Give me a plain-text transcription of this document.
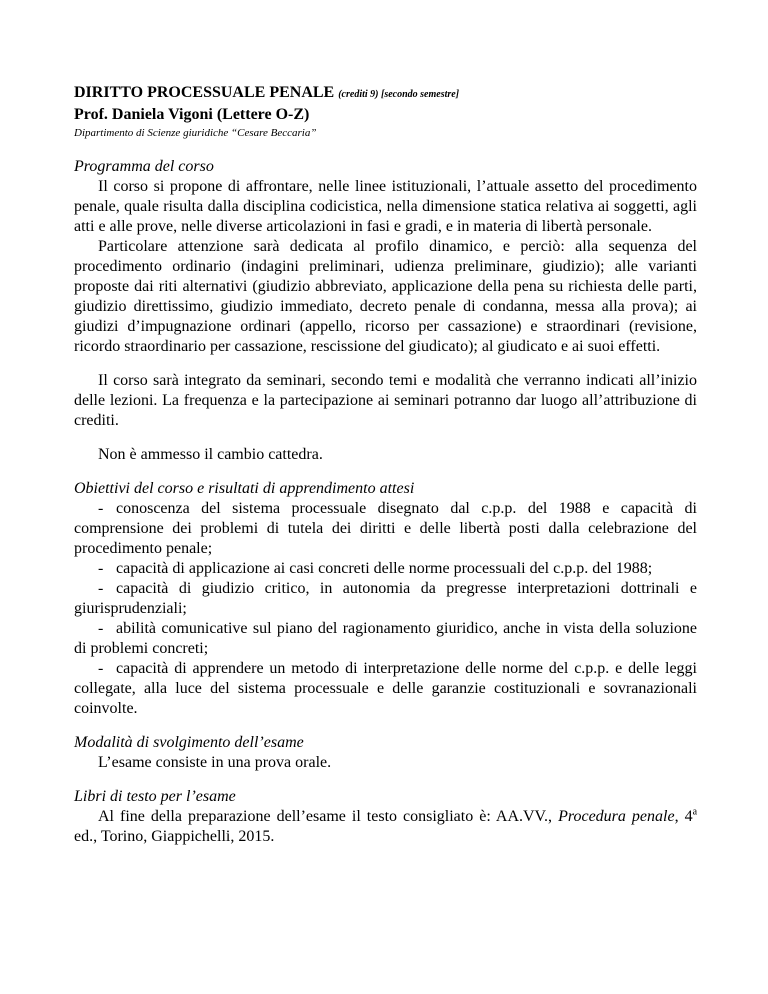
DIRITTO PROCESSUALE PENALE (crediti 9) [secondo semestre]
Prof. Daniela Vigoni (Lettere O-Z)
Dipartimento di Scienze giuridiche “Cesare Beccaria”
Programma del corso

Il corso si propone di affrontare, nelle linee istituzionali, l’attuale assetto del procedimento penale, quale risulta dalla disciplina codicistica, nella dimensione statica relativa ai soggetti, agli atti e alle prove, nelle diverse articolazioni in fasi e gradi, e in materia di libertà personale.

Particolare attenzione sarà dedicata al profilo dinamico, e perciò: alla sequenza del procedimento ordinario (indagini preliminari, udienza preliminare, giudizio); alle varianti proposte dai riti alternativi (giudizio abbreviato, applicazione della pena su richiesta delle parti, giudizio direttissimo, giudizio immediato, decreto penale di condanna, messa alla prova); ai giudizi d’impugnazione ordinari (appello, ricorso per cassazione) e straordinari (revisione, ricordo straordinario per cassazione, rescissione del giudicato); al giudicato e ai suoi effetti.

Il corso sarà integrato da seminari, secondo temi e modalità che verranno indicati all’inizio delle lezioni. La frequenza e la partecipazione ai seminari potranno dar luogo all’attribuzione di crediti.

Non è ammesso il cambio cattedra.

Obiettivi del corso e risultati di apprendimento attesi
- conoscenza del sistema processuale disegnato dal c.p.p. del 1988 e capacità di comprensione dei problemi di tutela dei diritti e delle libertà posti dalla celebrazione del procedimento penale;
- capacità di applicazione ai casi concreti delle norme processuali del c.p.p. del 1988;
- capacità di giudizio critico, in autonomia da pregresse interpretazioni dottrinali e giurisprudenziali;
- abilità comunicative sul piano del ragionamento giuridico, anche in vista della soluzione di problemi concreti;
- capacità di apprendere un metodo di interpretazione delle norme del c.p.p. e delle leggi collegate, alla luce del sistema processuale e delle garanzie costituzionali e sovranazionali coinvolte.
Modalità di svolgimento dell’esame

L’esame consiste in una prova orale.

Libri di testo per l’esame

Al fine della preparazione dell’esame il testo consigliato è: AA.VV., Procedura penale, 4$^a$ ed., Torino, Giappichelli, 2015.
